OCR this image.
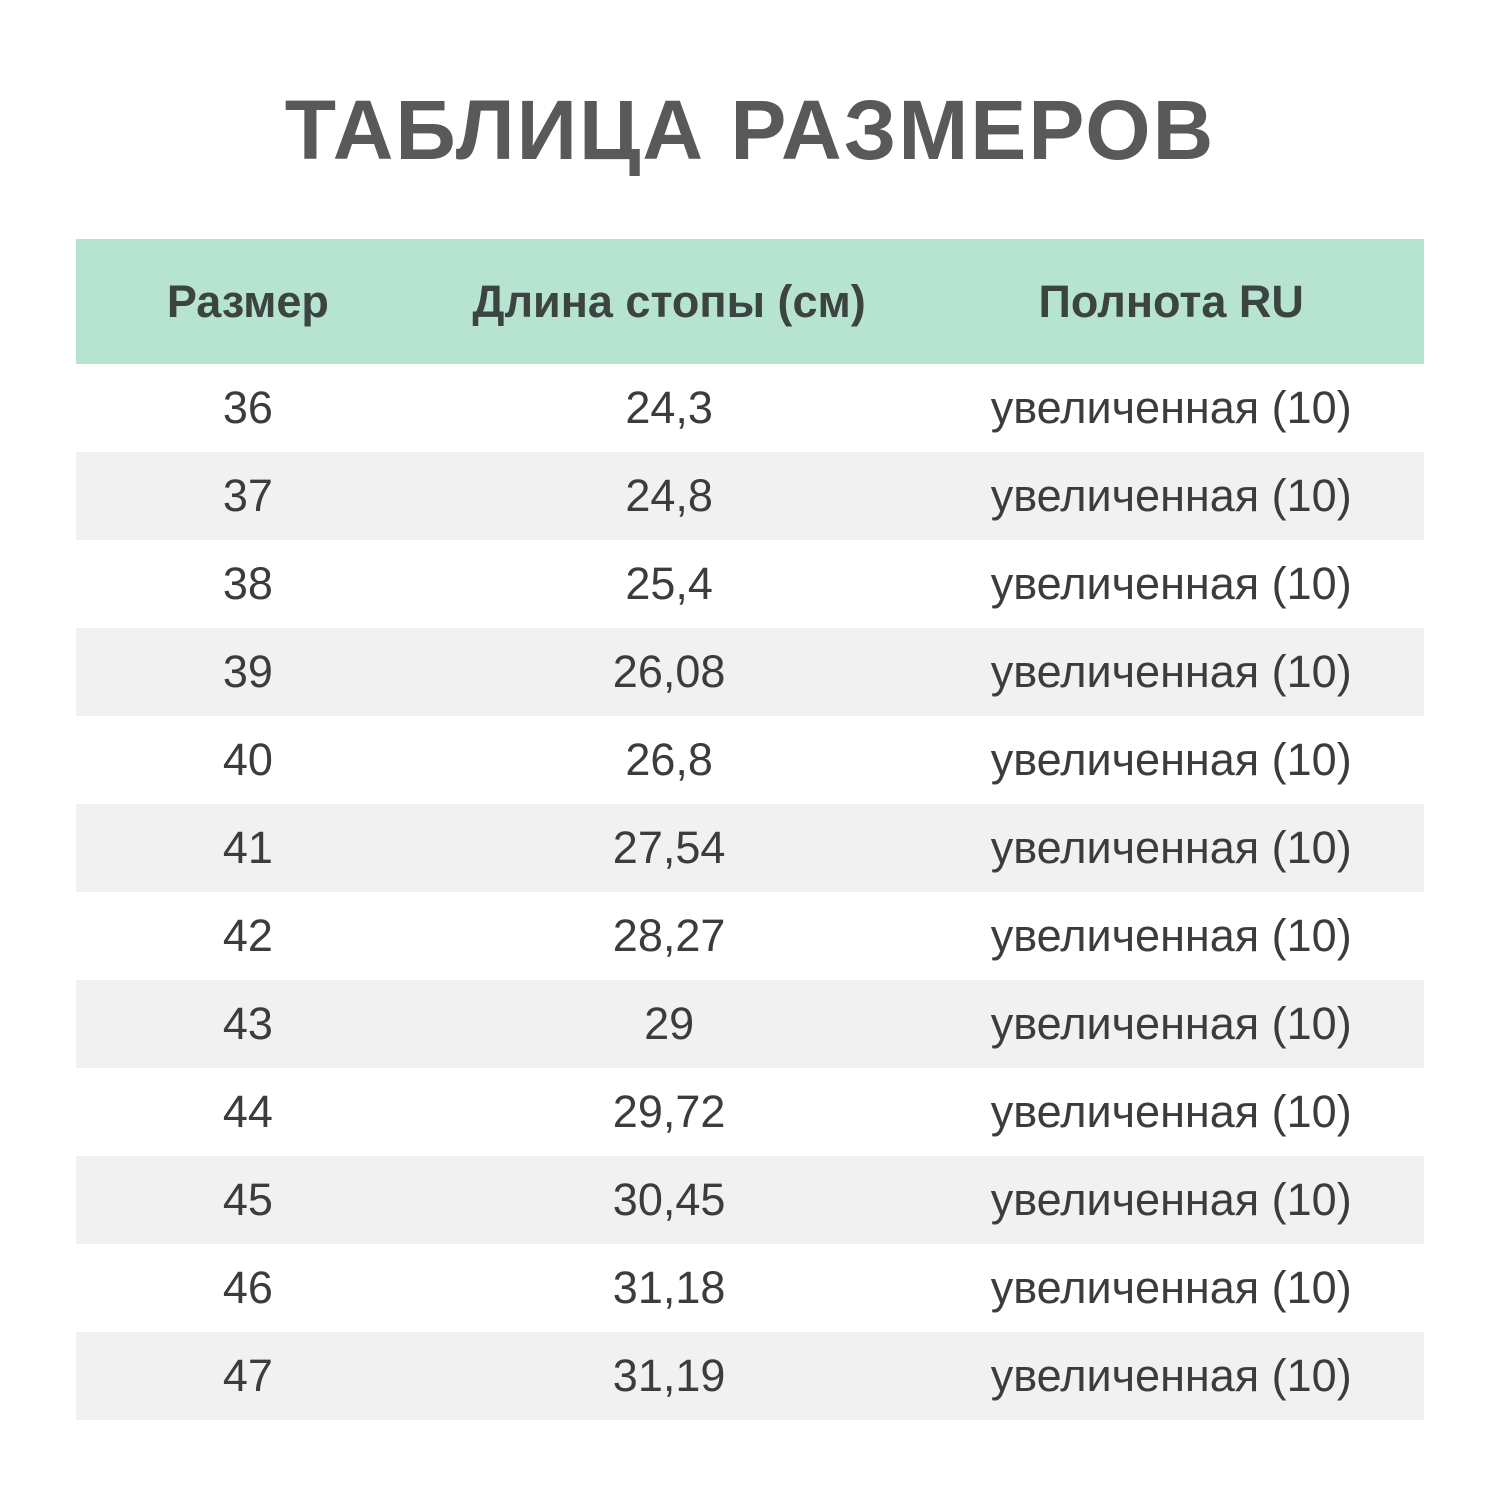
ТАБЛИЦА РАЗМЕРОВ
Размер	Длина стопы (см)	Полнота RU
36	24,3	увеличенная (10)
37	24,8	увеличенная (10)
38	25,4	увеличенная (10)
39	26,08	увеличенная (10)
40	26,8	увеличенная (10)
41	27,54	увеличенная (10)
42	28,27	увеличенная (10)
43	29	увеличенная (10)
44	29,72	увеличенная (10)
45	30,45	увеличенная (10)
46	31,18	увеличенная (10)
47	31,19	увеличенная (10)
